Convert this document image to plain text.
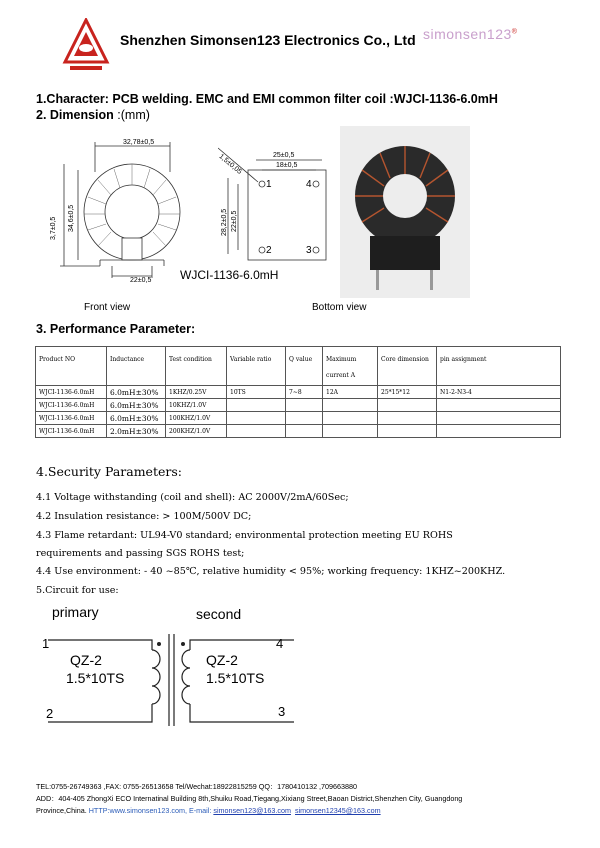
Shenzhen Simonsen123 Electronics Co., Ltd simonsen123®
1.Character: PCB welding. EMC and EMI common filter coil :WJCI-1136-6.0mH
2. Dimension :(mm)
32,78±0,5
3,7±0,5 34,6±0,5
22±0,5 WJCI-1136-6.0mH
1,5±0,05	25±0,5
18±0,5
28,2±0,5 22±0,5
1
2	3
4
Front view	Bottom view
3. Performance Parameter:
Product NO	Inductance	Test condition	Variable ratio	Q value	Maximum current A	Core dimension	pin assignment
WJCI-1136-6.0mH	6.0mH±30%	1KHZ/0.25V	10TS	7~8	12A	25*15*12	N1-2-N3-4
WJCI-1136-6.0mH	6.0mH±30%	10KHZ/1.0V					
WJCI-1136-6.0mH	6.0mH±30%	100KHZ/1.0V					
WJCI-1136-6.0mH	2.0mH±30%	200KHZ/1.0V					
4.Security Parameters:
4.1 Voltage withstanding (coil and shell): AC 2000V/2mA/60Sec;
4.2 Insulation resistance: > 100M/500V DC;
4.3 Flame retardant: UL94-V0 standard; environmental protection meeting EU ROHS
requirements and passing SGS ROHS test;
4.4 Use environment: - 40 ~85℃, relative humidity < 95%; working frequency: 1KHZ~200KHZ.
5.Circuit for use:
primary	second
1
2
4
3
QZ-2
1.5*10TS
QZ-2
1.5*10TS
TEL:0755-26749363 ,FAX: 0755-26513658 Tel/Wechat:18922815259 QQ：1780410132 ,709663880
ADD：404-405 ZhongXi ECO Internatinal Building 8th,Shuiku Road,Tiegang,Xixiang Street,Baoan District,Shenzhen City, Guangdong
Province,China. HTTP:www.simonsen123.com, E-mail: simonsen123@163.com simonsen12345@163.com
